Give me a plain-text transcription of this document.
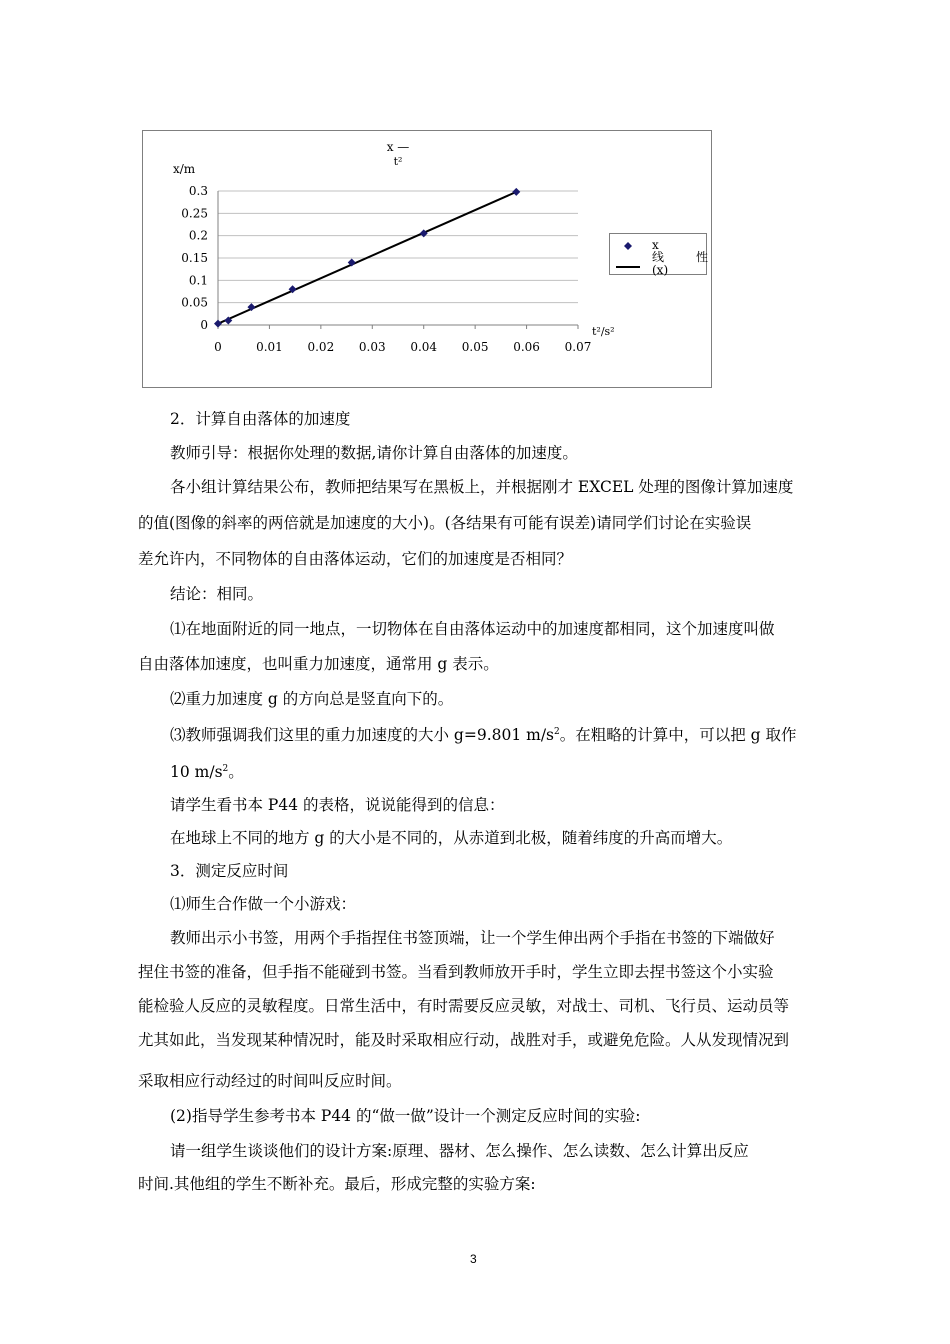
0
0.05
0.1
0.15
0.2
0.25
0.3
0	0.01 0.02 0.03 0.04 0.05 0.06 0.07
x/m
t²/s²
x —
t²
x
线	性
(x)
2．计算自由落体的加速度
教师引导：根据你处理的数据,请你计算自由落体的加速度。
各小组计算结果公布，教师把结果写在黑板上，并根据刚才 EXCEL 处理的图像计算加速度
的值(图像的斜率的两倍就是加速度的大小)。(各结果有可能有误差)请同学们讨论在实验误
差允许内，不同物体的自由落体运动，它们的加速度是否相同？
结论：相同。
⑴在地面附近的同一地点，一切物体在自由落体运动中的加速度都相同，这个加速度叫做
自由落体加速度，也叫重力加速度，通常用 g 表示。
⑵重力加速度 g 的方向总是竖直向下的。
⑶教师强调我们这里的重力加速度的大小 g=9.801 $m/s^2$。在粗略的计算中，可以把 g 取作
10 $m/s^2$。
请学生看书本 P44 的表格，说说能得到的信息：
在地球上不同的地方 g 的大小是不同的，从赤道到北极，随着纬度的升高而增大。
3．测定反应时间
⑴师生合作做一个小游戏：
教师出示小书签，用两个手指捏住书签顶端，让一个学生伸出两个手指在书签的下端做好
捏住书签的准备，但手指不能碰到书签。当看到教师放开手时，学生立即去捏书签这个小实验
能检验人反应的灵敏程度。日常生活中，有时需要反应灵敏，对战士、司机、飞行员、运动员等
尤其如此，当发现某种情况时，能及时采取相应行动，战胜对手，或避免危险。人从发现情况到
采取相应行动经过的时间叫反应时间。
(2)指导学生参考书本 P44 的“做一做”设计一个测定反应时间的实验:
请一组学生谈谈他们的设计方案:原理、器材、怎么操作、怎么读数、怎么计算出反应
时间.其他组的学生不断补充。最后，形成完整的实验方案:
3
